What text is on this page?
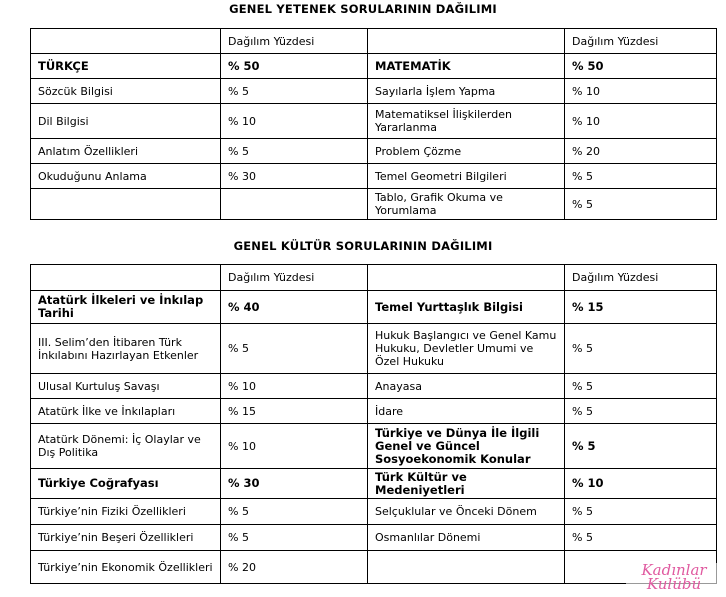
GENEL YETENEK SORULARININ DAĞILIMI
	Dağılım Yüzdesi		Dağılım Yüzdesi
TÜRKÇE	% 50	MATEMATİK	% 50
Sözcük Bilgisi	% 5	Sayılarla İşlem Yapma	% 10
Dil Bilgisi	% 10	Matematiksel İlişkilerden Yararlanma	% 10
Anlatım Özellikleri	% 5	Problem Çözme	% 20
Okuduğunu Anlama	% 30	Temel Geometri Bilgileri	% 5
		Tablo, Grafik Okuma ve Yorumlama	% 5
GENEL KÜLTÜR SORULARININ DAĞILIMI
	Dağılım Yüzdesi		Dağılım Yüzdesi
Atatürk İlkeleri ve İnkılap Tarihi	% 40	Temel Yurttaşlık Bilgisi	% 15
III. Selim’den İtibaren Türk İnkılabını Hazırlayan Etkenler	% 5	Hukuk Başlangıcı ve Genel Kamu Hukuku, Devletler Umumi ve Özel Hukuku	% 5
Ulusal Kurtuluş Savaşı	% 10	Anayasa	% 5
Atatürk İlke ve İnkılapları	% 15	İdare	% 5
Atatürk Dönemi: İç Olaylar ve Dış Politika	% 10	Türkiye ve Dünya İle İlgili Genel ve Güncel Sosyoekonomik Konular	% 5
Türkiye Coğrafyası	% 30	Türk Kültür ve Medeniyetleri	% 10
Türkiye’nin Fiziki Özellikleri	% 5	Selçuklular ve Önceki Dönem	% 5
Türkiye’nin Beşeri Özellikleri	% 5	Osmanlılar Dönemi	% 5
Türkiye’nin Ekonomik Özellikleri	% 20			Kadınlar
Kulübü
